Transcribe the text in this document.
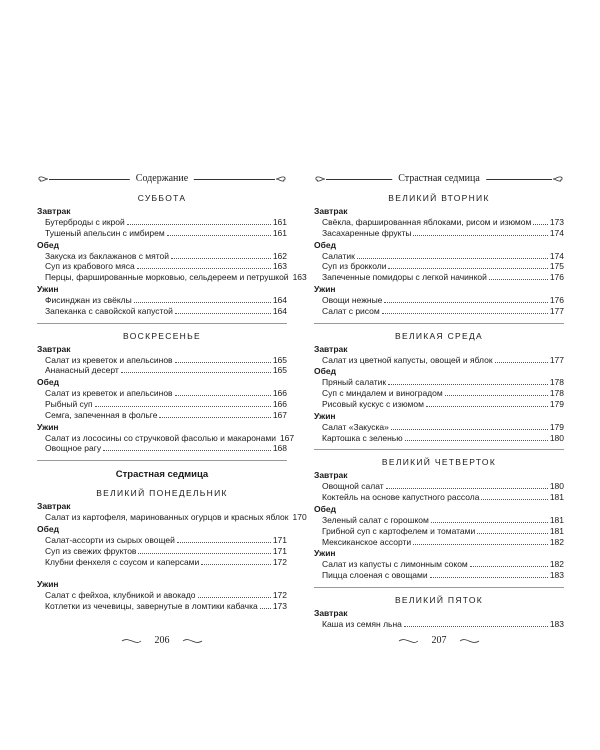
Содержание
СУББОТА
Завтрак
Бутерброды с икрой	161
Тушеный апельсин с имбирем	161
Обед
Закуска из баклажанов с мятой	162
Суп из крабового мяса	163
Перцы, фаршированные морковью, сельдереем и петрушкой 163
Ужин
Фисинджан из свёклы	164
Запеканка с савойской капустой	164
ВОСКРЕСЕНЬЕ
Завтрак
Салат из креветок и апельсинов	165
Ананасный десерт	165
Обед
Салат из креветок и апельсинов	166
Рыбный суп	166
Семга, запеченная в фольге	167
Ужин
Салат из лососины со стручковой фасолью и макаронами 167
Овощное рагу	168
Страстная седмица
ВЕЛИКИЙ ПОНЕДЕЛЬНИК
Завтрак
Салат из картофеля, маринованных огурцов и красных яблок 170
Обед
Салат-ассорти из сырых овощей	171
Суп из свежих фруктов	171
Клубни фенхеля с соусом и каперсами	172
Ужин
Салат с фейхоа, клубникой и авокадо	172
Котлетки из чечевицы, завернутые в ломтики кабачка 173
206
Страстная седмица
ВЕЛИКИЙ ВТОРНИК
Завтрак
Свёкла, фаршированная яблоками, рисом и изюмом 173
Засахаренные фрукты	174
Обед
Салатик	174
Суп из брокколи	175
Запеченные помидоры с легкой начинкой	176
Ужин
Овощи нежные	176
Салат с рисом	177
ВЕЛИКАЯ СРЕДА
Завтрак
Салат из цветной капусты, овощей и яблок	177
Обед
Пряный салатик	178
Суп с миндалем и виноградом	178
Рисовый кускус с изюмом	179
Ужин
Салат «Закуска»	179
Картошка с зеленью	180
ВЕЛИКИЙ ЧЕТВЕРТОК
Завтрак
Овощной салат	180
Коктейль на основе капустного рассола	181
Обед
Зеленый салат с горошком	181
Грибной суп с картофелем и томатами	181
Мексиканское ассорти	182
Ужин
Салат из капусты с лимонным соком	182
Пицца слоеная с овощами	183
ВЕЛИКИЙ ПЯТОК
Завтрак
Каша из семян льна	183
207
